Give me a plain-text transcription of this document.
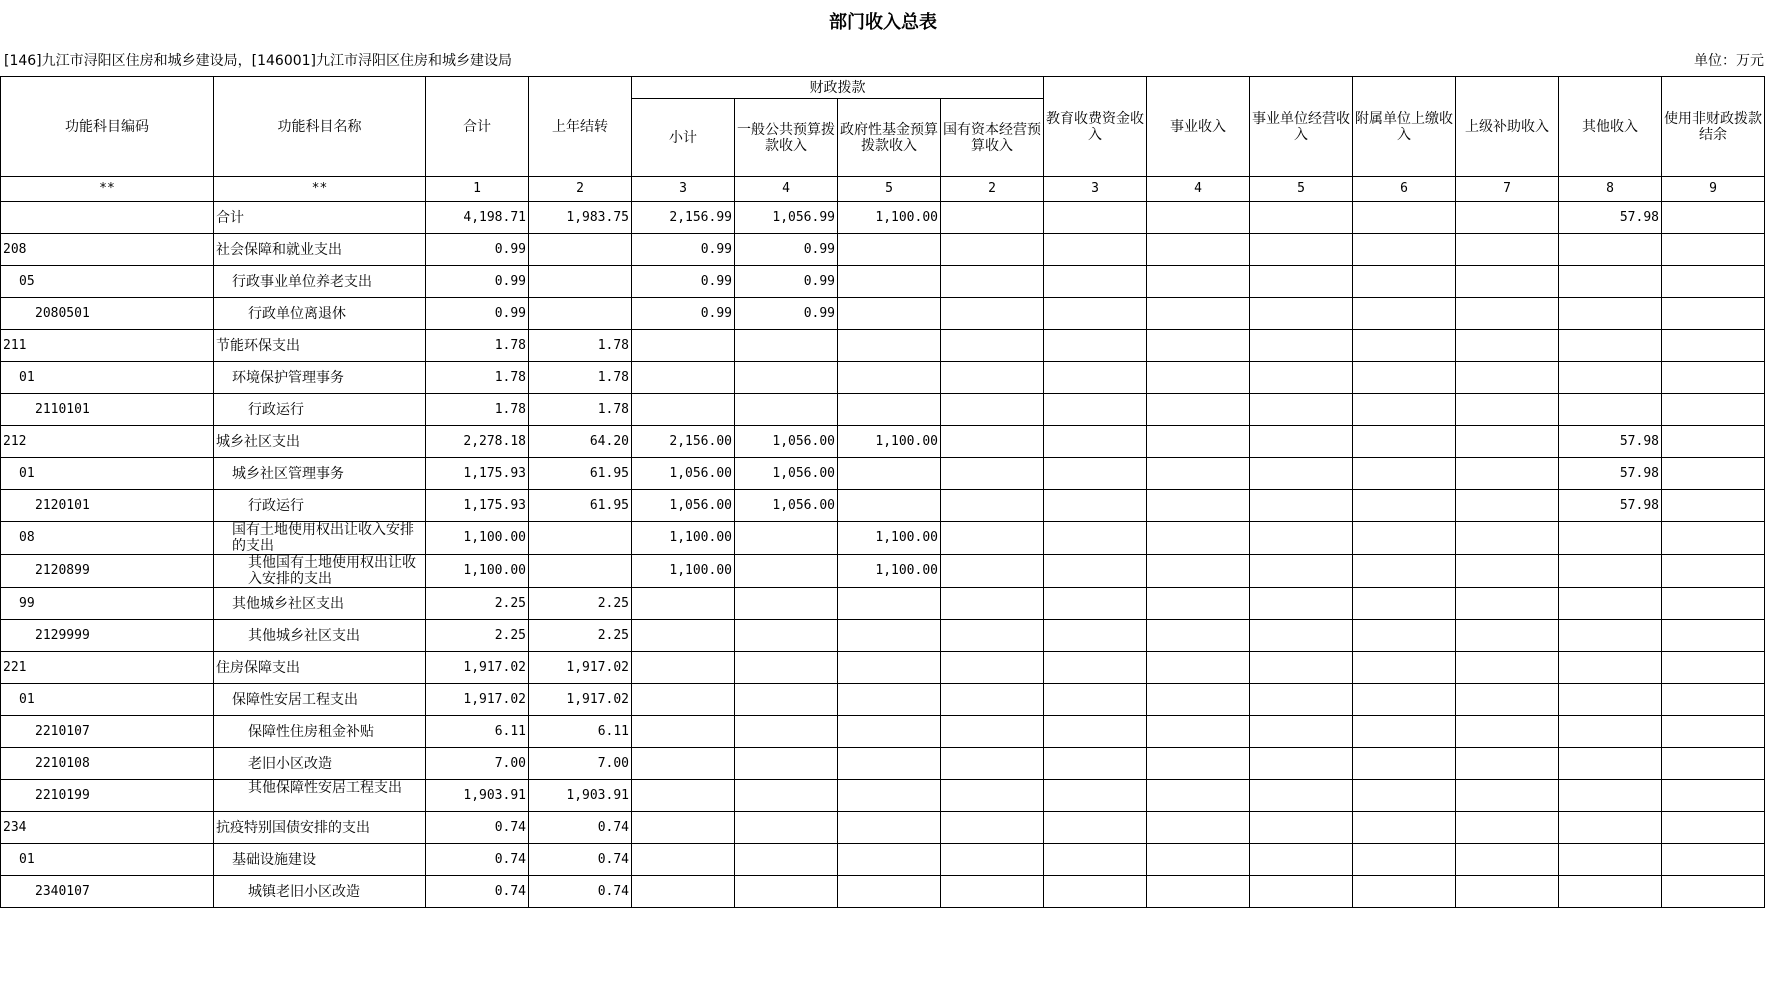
部门收入总表
[146]九江市浔阳区住房和城乡建设局，[146001]九江市浔阳区住房和城乡建设局	单位：万元
功能科目编码	功能科目名称	合计	上年结转	财政拨款				教育收费资金收入	事业收入	事业单位经营收入	附属单位上缴收入	上级补助收入	其他收入	使用非财政拨款结余
				小计	一般公共预算拨款收入	政府性基金预算拨款收入	国有资本经营预算收入							
**	**	1	2	3	4	5	2	3	4	5	6	7	8	9
	合计	4,198.71	1,983.75	2,156.99	1,056.99	1,100.00							57.98	
208	社会保障和就业支出	0.99		0.99	0.99									
05	行政事业单位养老支出	0.99		0.99	0.99									
2080501	行政单位离退休	0.99		0.99	0.99									
211	节能环保支出	1.78	1.78											
01	环境保护管理事务	1.78	1.78											
2110101	行政运行	1.78	1.78											
212	城乡社区支出	2,278.18	64.20	2,156.00	1,056.00	1,100.00							57.98	
01	城乡社区管理事务	1,175.93	61.95	1,056.00	1,056.00								57.98	
2120101	行政运行	1,175.93	61.95	1,056.00	1,056.00								57.98	
08	国有土地使用权出让收入安排的支出	1,100.00		1,100.00		1,100.00								
2120899	其他国有土地使用权出让收入安排的支出	1,100.00		1,100.00		1,100.00								
99	其他城乡社区支出	2.25	2.25											
2129999	其他城乡社区支出	2.25	2.25											
221	住房保障支出	1,917.02	1,917.02											
01	保障性安居工程支出	1,917.02	1,917.02											
2210107	保障性住房租金补贴	6.11	6.11											
2210108	老旧小区改造	7.00	7.00											
2210199	其他保障性安居工程支出	1,903.91	1,903.91											
234	抗疫特别国债安排的支出	0.74	0.74											
01	基础设施建设	0.74	0.74											
2340107	城镇老旧小区改造	0.74	0.74											
